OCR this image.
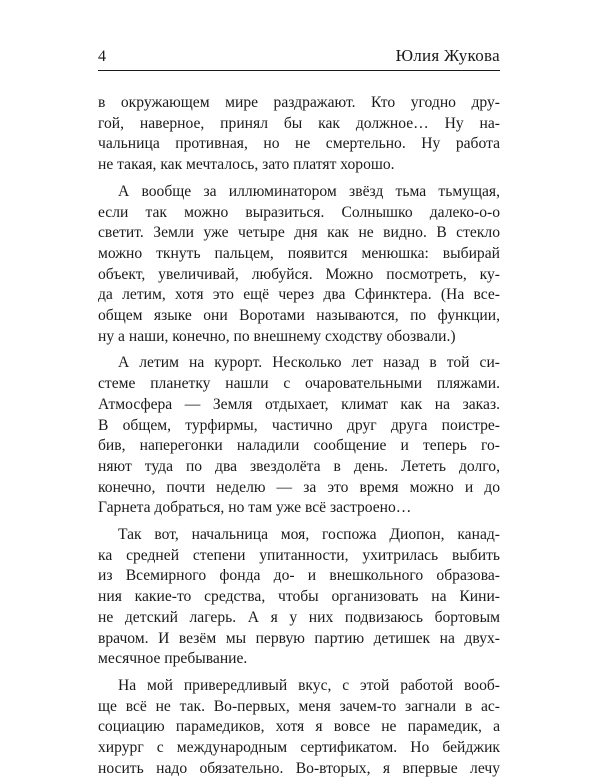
4	Юлия Жукова

в окружающем мире раздражают. Кто угодно дру-
гой, наверное, принял бы как должное… Ну на-
чальница противная, но не смертельно. Ну работа
не такая, как мечталось, зато платят хорошо.

А вообще за иллюминатором звёзд тьма тьмущая,
если так можно выразиться. Солнышко далеко-о-о
светит. Земли уже четыре дня как не видно. В стекло
можно ткнуть пальцем, появится менюшка: выбирай
объект, увеличивай, любуйся. Можно посмотреть, ку-
да летим, хотя это ещё через два Сфинктера. (На все-
общем языке они Воротами называются, по функции,
ну а наши, конечно, по внешнему сходству обозвали.)

А летим на курорт. Несколько лет назад в той си-
стеме планетку нашли с очаровательными пляжами.
Атмосфера — Земля отдыхает, климат как на заказ.
В общем, турфирмы, частично друг друга поистре-
бив, наперегонки наладили сообщение и теперь го-
няют туда по два звездолёта в день. Лететь долго,
конечно, почти неделю — за это время можно и до
Гарнета добраться, но там уже всё застроено…

Так вот, начальница моя, госпожа Диопон, канад-
ка средней степени упитанности, ухитрилась выбить
из Всемирного фонда до- и внешкольного образова-
ния какие-то средства, чтобы организовать на Кини-
не детский лагерь. А я у них подвизаюсь бортовым
врачом. И везём мы первую партию детишек на двух-
месячное пребывание.

На мой привередливый вкус, с этой работой вооб-
ще всё не так. Во-первых, меня зачем-то загнали в ас-
социацию парамедиков, хотя я вовсе не парамедик, а
хирург с международным сертификатом. Но бейджик
носить надо обязательно. Во-вторых, я впервые лечу
